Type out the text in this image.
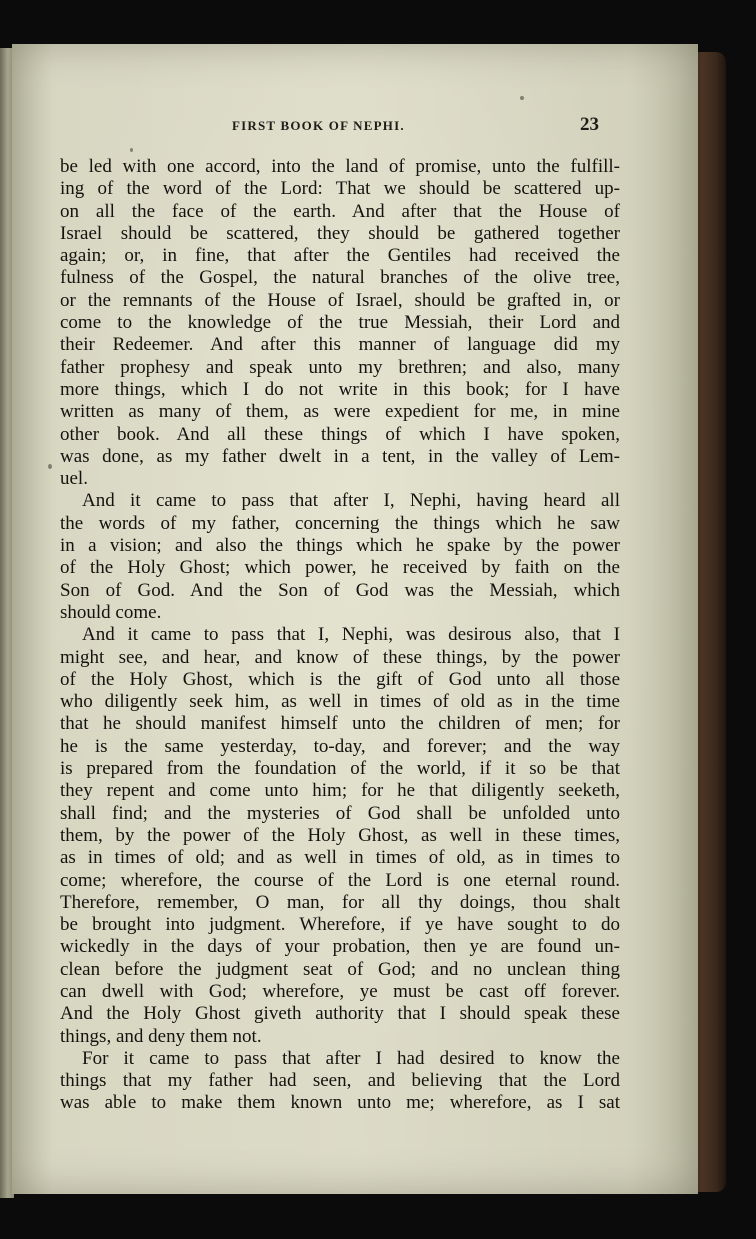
FIRST BOOK OF NEPHI.	23
be led with one accord, into the land of promise, unto the fulfill-
ing of the word of the Lord: That we should be scattered up-
on all the face of the earth. And after that the House of
Israel should be scattered, they should be gathered together
again; or, in fine, that after the Gentiles had received the
fulness of the Gospel, the natural branches of the olive tree,
or the remnants of the House of Israel, should be grafted in, or
come to the knowledge of the true Messiah, their Lord and
their Redeemer. And after this manner of language did my
father prophesy and speak unto my brethren; and also, many
more things, which I do not write in this book; for I have
written as many of them, as were expedient for me, in mine
other book. And all these things of which I have spoken,
was done, as my father dwelt in a tent, in the valley of Lem-
uel.
And it came to pass that after I, Nephi, having heard all
the words of my father, concerning the things which he saw
in a vision; and also the things which he spake by the power
of the Holy Ghost; which power, he received by faith on the
Son of God. And the Son of God was the Messiah, which
should come.
And it came to pass that I, Nephi, was desirous also, that I
might see, and hear, and know of these things, by the power
of the Holy Ghost, which is the gift of God unto all those
who diligently seek him, as well in times of old as in the time
that he should manifest himself unto the children of men; for
he is the same yesterday, to-day, and forever; and the way
is prepared from the foundation of the world, if it so be that
they repent and come unto him; for he that diligently seeketh,
shall find; and the mysteries of God shall be unfolded unto
them, by the power of the Holy Ghost, as well in these times,
as in times of old; and as well in times of old, as in times to
come; wherefore, the course of the Lord is one eternal round.
Therefore, remember, O man, for all thy doings, thou shalt
be brought into judgment. Wherefore, if ye have sought to do
wickedly in the days of your probation, then ye are found un-
clean before the judgment seat of God; and no unclean thing
can dwell with God; wherefore, ye must be cast off forever.
And the Holy Ghost giveth authority that I should speak these
things, and deny them not.
For it came to pass that after I had desired to know the
things that my father had seen, and believing that the Lord
was able to make them known unto me; wherefore, as I sat
